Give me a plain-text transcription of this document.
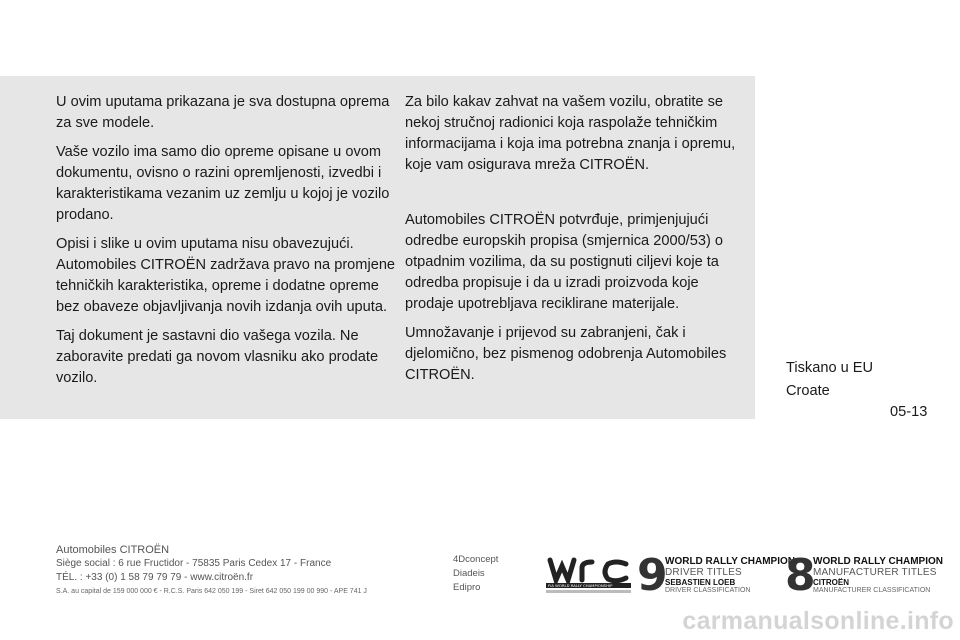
U ovim uputama prikazana je sva dostupna oprema za sve modele.

Vaše vozilo ima samo dio opreme opisane u ovom dokumentu, ovisno o razini opremljenosti, izvedbi i karakteristikama vezanim uz zemlju u kojoj je vozilo prodano.

Opisi i slike u ovim uputama nisu obavezujući. Automobiles CITROËN zadržava pravo na promjene tehničkih karakteristika, opreme i dodatne opreme bez obaveze objavljivanja novih izdanja ovih uputa.

Taj dokument je sastavni dio vašega vozila. Ne zaboravite predati ga novom vlasniku ako prodate vozilo.

Za bilo kakav zahvat na vašem vozilu, obratite se nekoj stručnoj radionici koja raspolaže tehničkim informacijama i koja ima potrebna znanja i opremu, koje vam osigurava mreža CITROËN.

Automobiles CITROËN potvrđuje, primjenjujući odredbe europskih propisa (smjernica 2000/53) o otpadnim vozilima, da su postignuti ciljevi koje ta odredba propisuje i da u izradi proizvoda koje prodaje upotrebljava reciklirane materijale.

Umnožavanje i prijevod su zabranjeni, čak i djelomično, bez pismenog odobrenja Automobiles CITROËN.	Tiskano u EU
Croate
05-13
Automobiles CITROËN
Siège social : 6 rue Fructidor - 75835 Paris Cedex 17 - France
TÉL. : +33 (0) 1 58 79 79 79 - www.citroën.fr
S.A. au capital de 159 000 000 € - R.C.S. Paris 642 050 199 - Siret 642 050 199 00 990 - APE 741 J
4Dconcept
Diadeis
Edipro	FIA WORLD RALLY CHAMPIONSHIP 9
WORLD RALLY CHAMPION
DRIVER TITLES
SEBASTIEN LOEB
DRIVER CLASSIFICATION 8
WORLD RALLY CHAMPION
MANUFACTURER TITLES
CITROËN
MANUFACTURER CLASSIFICATION
carmanualsonline.info
